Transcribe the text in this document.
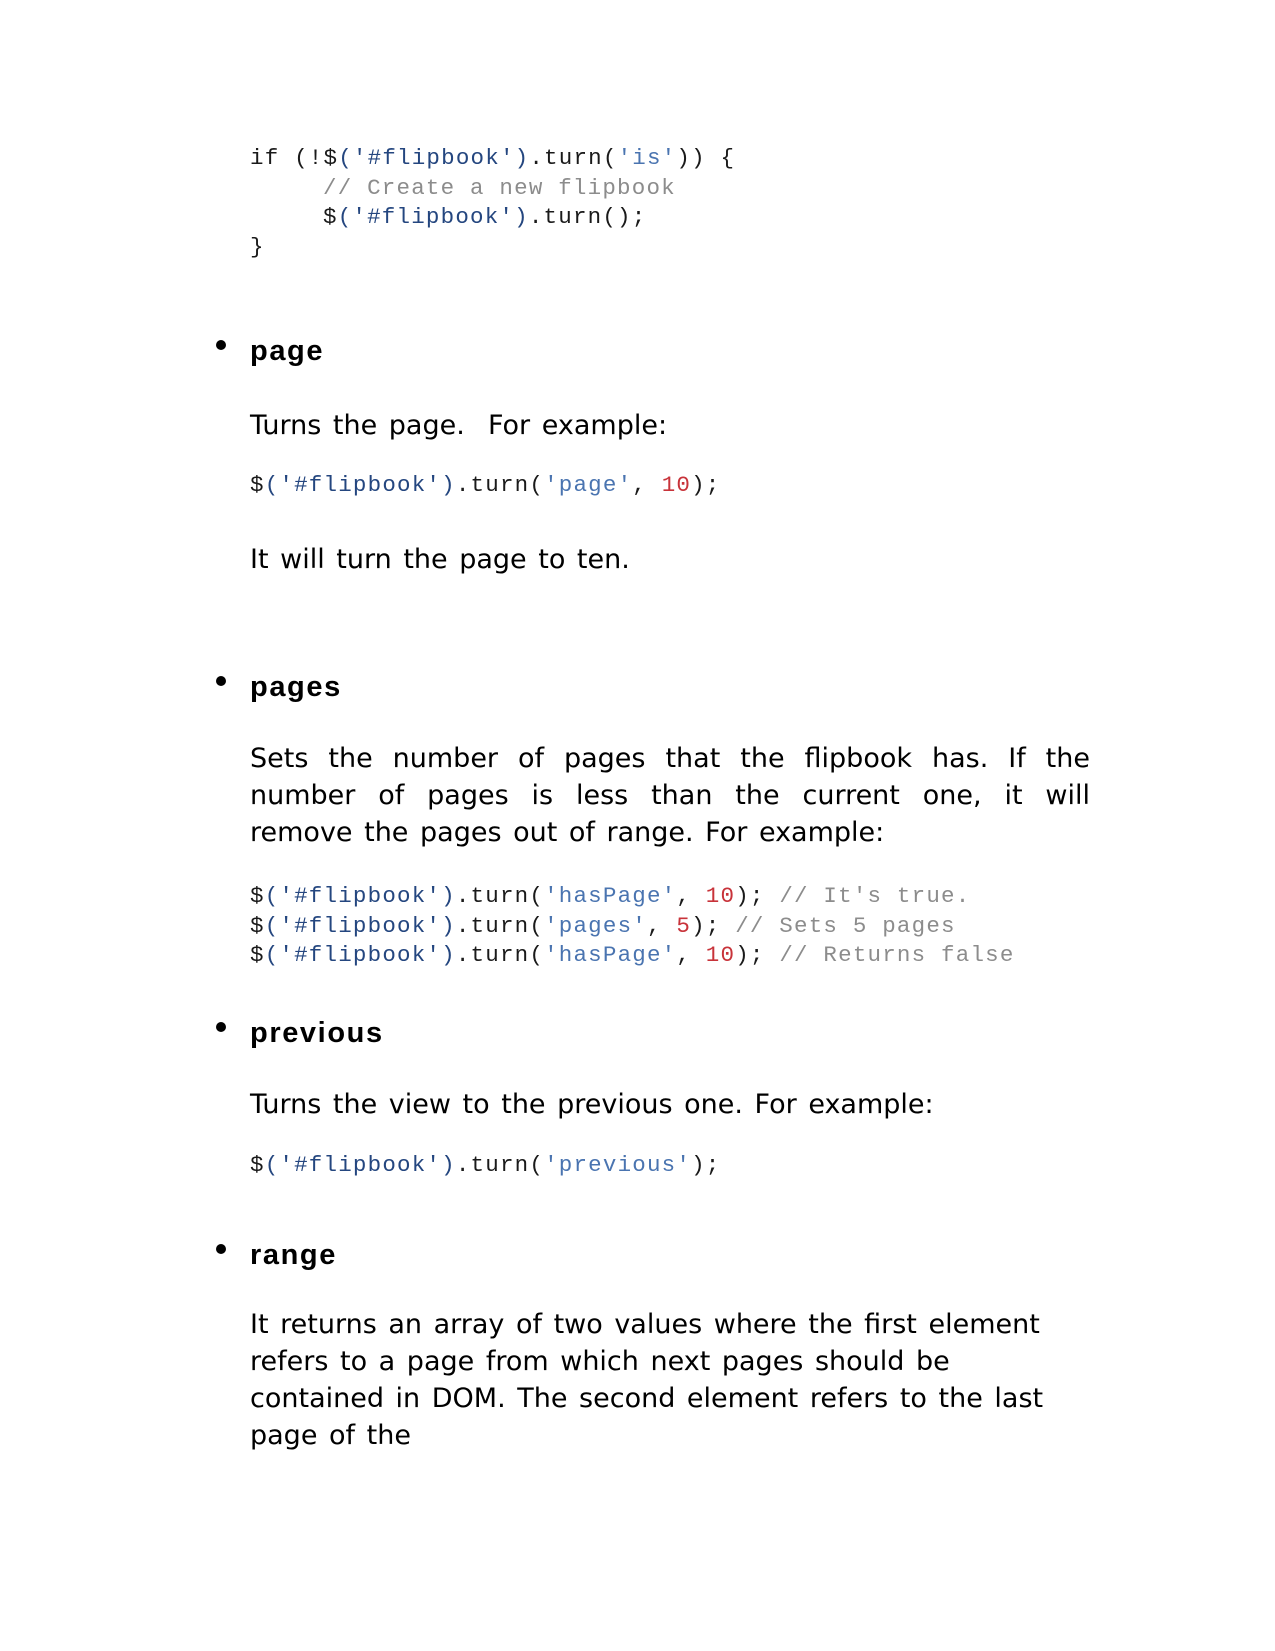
if (!$('#flipbook').turn('is')) {
// Create a new flipbook
$('#flipbook').turn();
}
page

Turns the page.  For example:

$('#flipbook').turn('page', 10);

It will turn the page to ten.

pages

Sets the number of pages that the flipbook has. If the number of pages is less than the current one, it will remove the pages out of range. For example:

$('#flipbook').turn('hasPage', 10); // It's true.
$('#flipbook').turn('pages', 5); // Sets 5 pages
$('#flipbook').turn('hasPage', 10); // Returns false
previous

Turns the view to the previous one. For example:

$('#flipbook').turn('previous');
range

It returns an array of two values where the first element refers to a page from which next pages should be contained in DOM. The second element refers to the last page of the
